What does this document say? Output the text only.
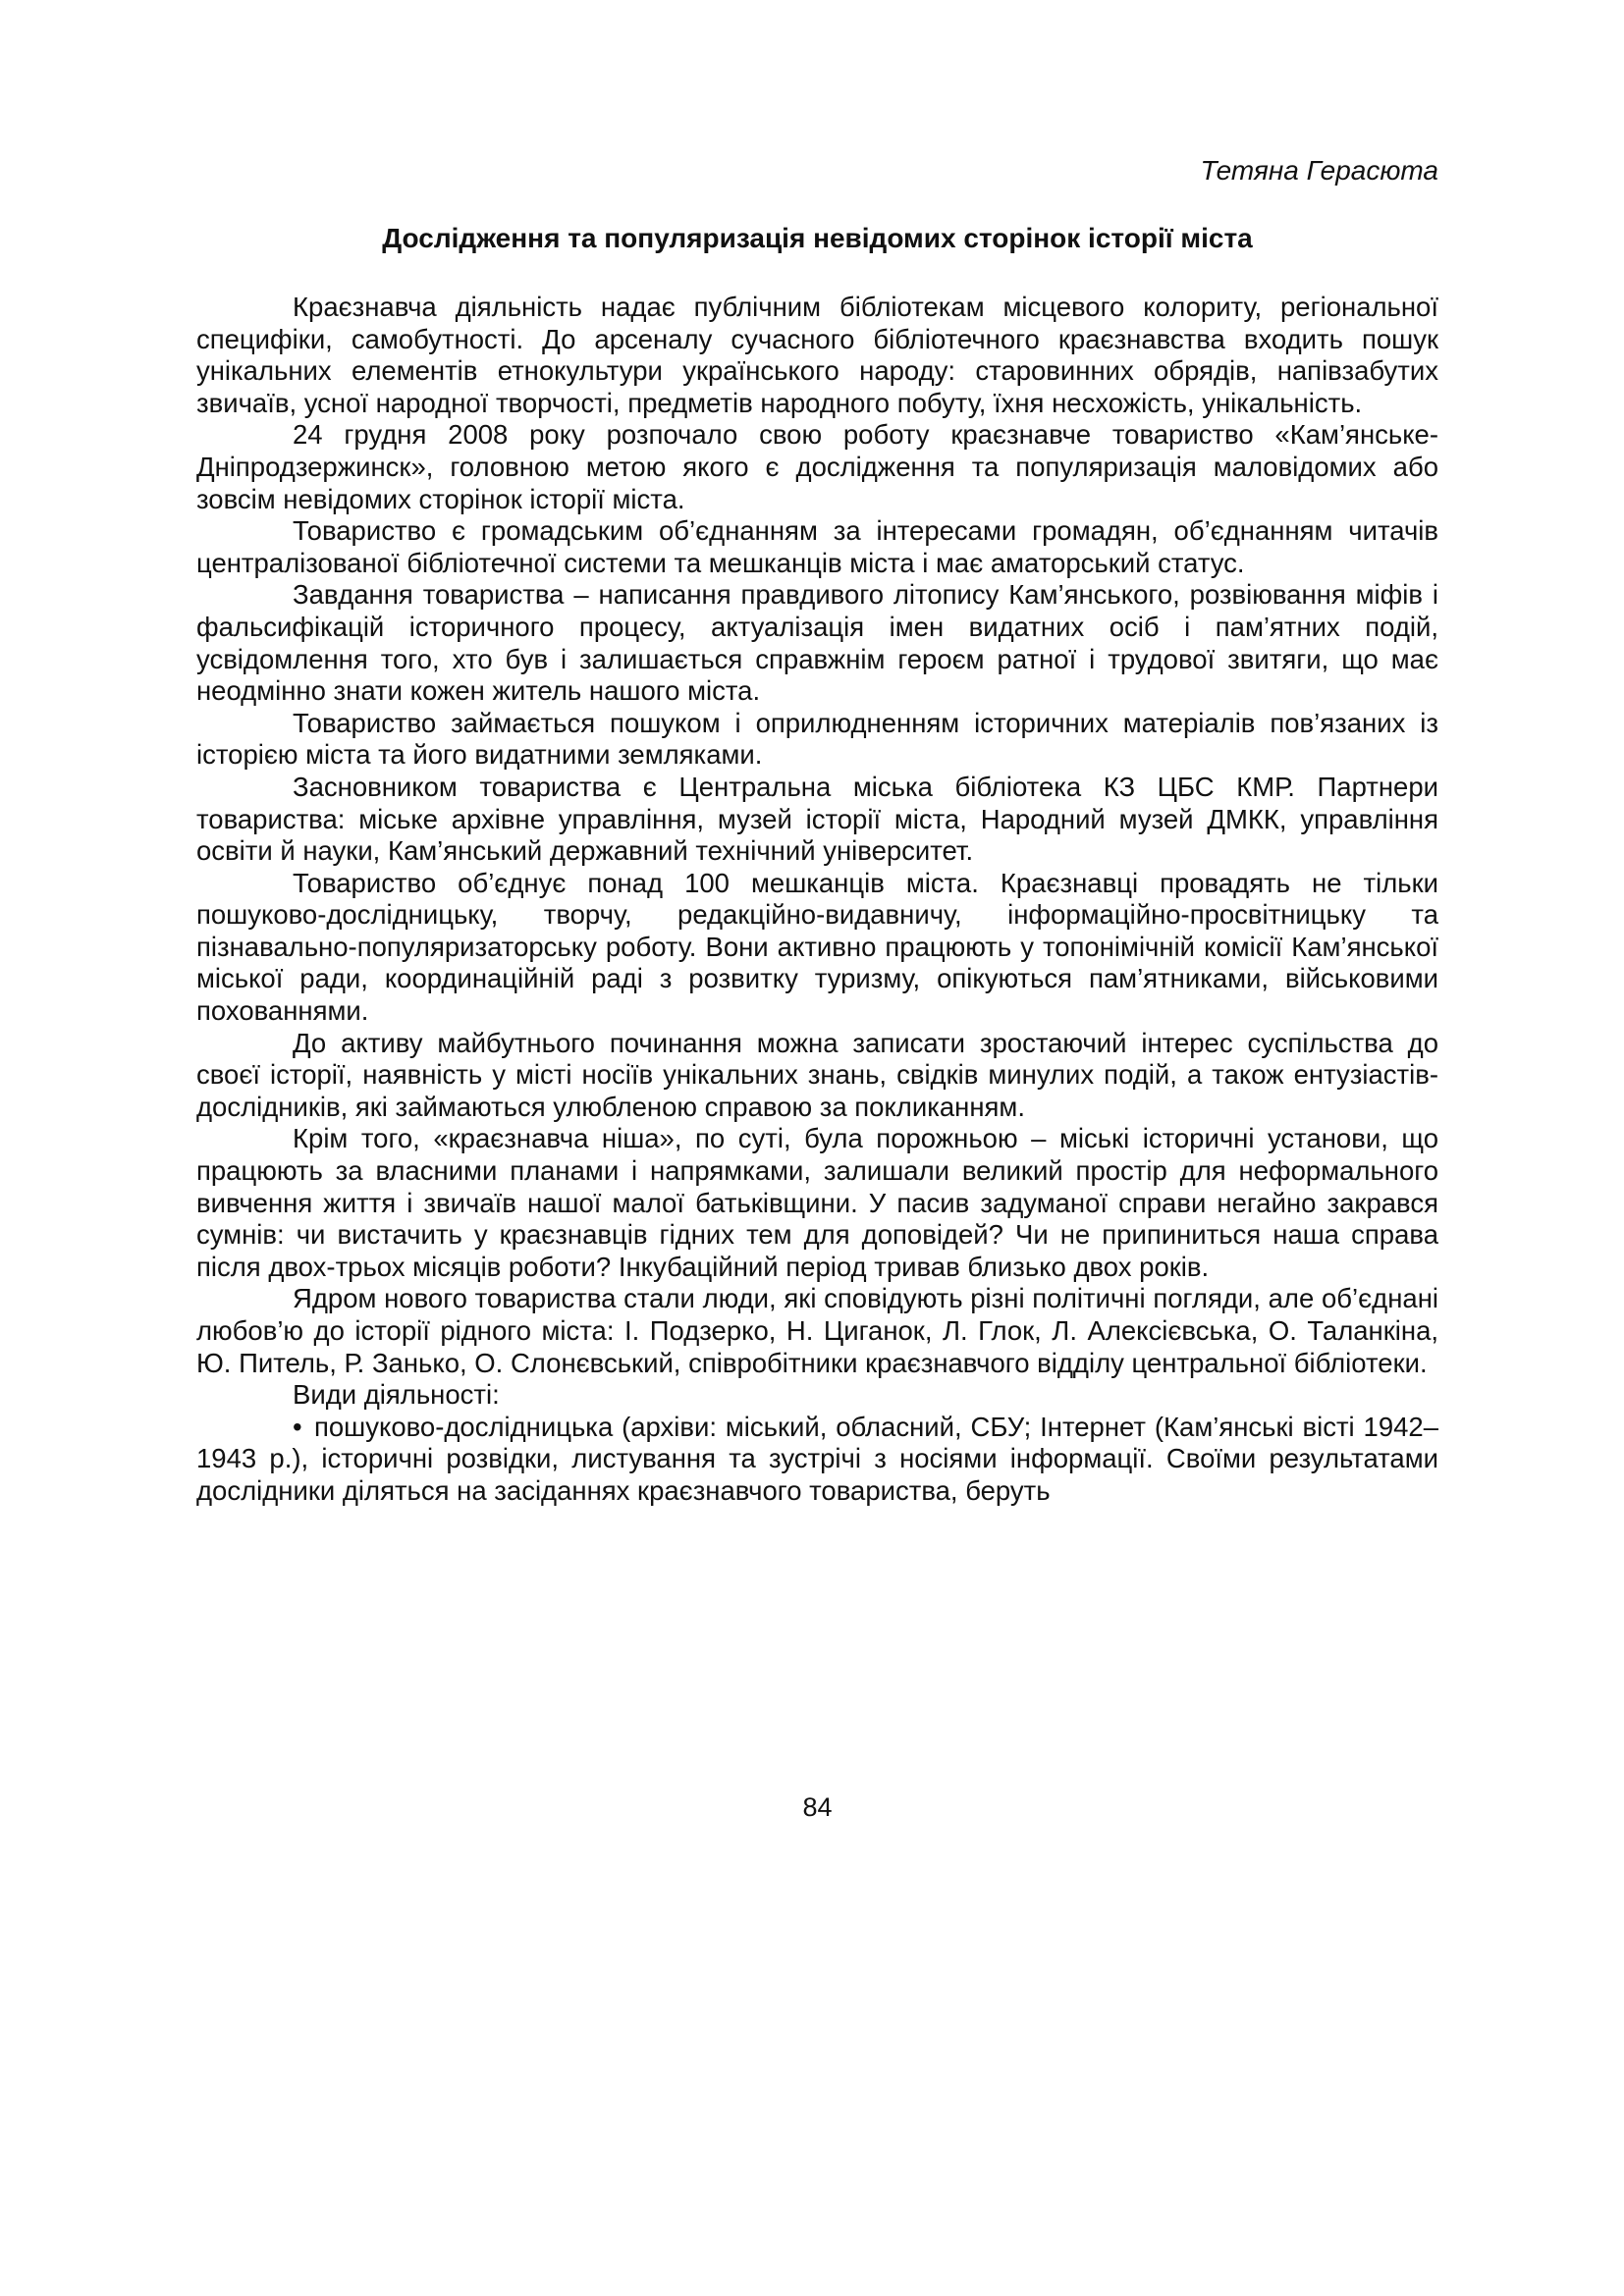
Тетяна Герасюта
Дослідження та популяризація невідомих сторінок історії міста

Краєзнавча діяльність надає публічним бібліотекам місцевого колориту, регіональної специфіки, самобутності. До арсеналу сучасного бібліотечного краєзнавства входить пошук унікальних елементів етнокультури українського народу: старовинних обрядів, напівзабутих звичаїв, усної народної творчості, предметів народного побуту, їхня несхожість, унікальність.

24 грудня 2008 року розпочало свою роботу краєзнавче товариство «Кам’янське-Дніпродзержинск», головною метою якого є дослідження та популяризація маловідомих або зовсім невідомих сторінок історії міста.

Товариство є громадським об’єднанням за інтересами громадян, об’єднанням читачів централізованої бібліотечної системи та мешканців міста і має аматорський статус.

Завдання товариства – написання правдивого літопису Кам’янського, розвіювання міфів і фальсифікацій історичного процесу, актуалізація імен видатних осіб і пам’ятних подій, усвідомлення того, хто був і залишається справжнім героєм ратної і трудової звитяги, що має неодмінно знати кожен житель нашого міста.

Товариство займається пошуком і оприлюдненням історичних матеріалів пов’язаних із історією міста та його видатними земляками.

Засновником товариства є Центральна міська бібліотека КЗ ЦБС КМР. Партнери товариства: міське архівне управління, музей історії міста, Народний музей ДМКК, управління освіти й науки, Кам’янський державний технічний університет.

Товариство об’єднує понад 100 мешканців міста. Краєзнавці провадять не тільки пошуково-дослідницьку, творчу, редакційно-видавничу, інформаційно-просвітницьку та пізнавально-популяризаторську роботу. Вони активно працюють у топонімічній комісії Кам’янської міської ради, координаційній раді з розвитку туризму, опікуються пам’ятниками, військовими похованнями.

До активу майбутнього починання можна записати зростаючий інтерес суспільства до своєї історії, наявність у місті носіїв унікальних знань, свідків минулих подій, а також ентузіастів-дослідників, які займаються улюбленою справою за покликанням.

Крім того, «краєзнавча ніша», по суті, була порожньою – міські історичні установи, що працюють за власними планами і напрямками, залишали великий простір для неформального вивчення життя і звичаїв нашої малої батьківщини. У пасив задуманої справи негайно закрався сумнів: чи вистачить у краєзнавців гідних тем для доповідей? Чи не припиниться наша справа після двох-трьох місяців роботи? Інкубаційний період тривав близько двох років.

Ядром нового товариства стали люди, які сповідують різні політичні погляди, але об’єднані любов’ю до історії рідного міста: І. Подзерко, Н. Циганок, Л. Глок, Л. Алексієвська, О. Таланкіна, Ю. Питель, Р. Занько, О. Слонєвський, співробітники краєзнавчого відділу центральної бібліотеки.

Види діяльності:

• пошуково-дослідницька (архіви: міський, обласний, СБУ; Інтернет (Кам’янські вісті 1942–1943 р.), історичні розвідки, листування та зустрічі з носіями інформації. Своїми результатами дослідники діляться на засіданнях краєзнавчого товариства, беруть

84
